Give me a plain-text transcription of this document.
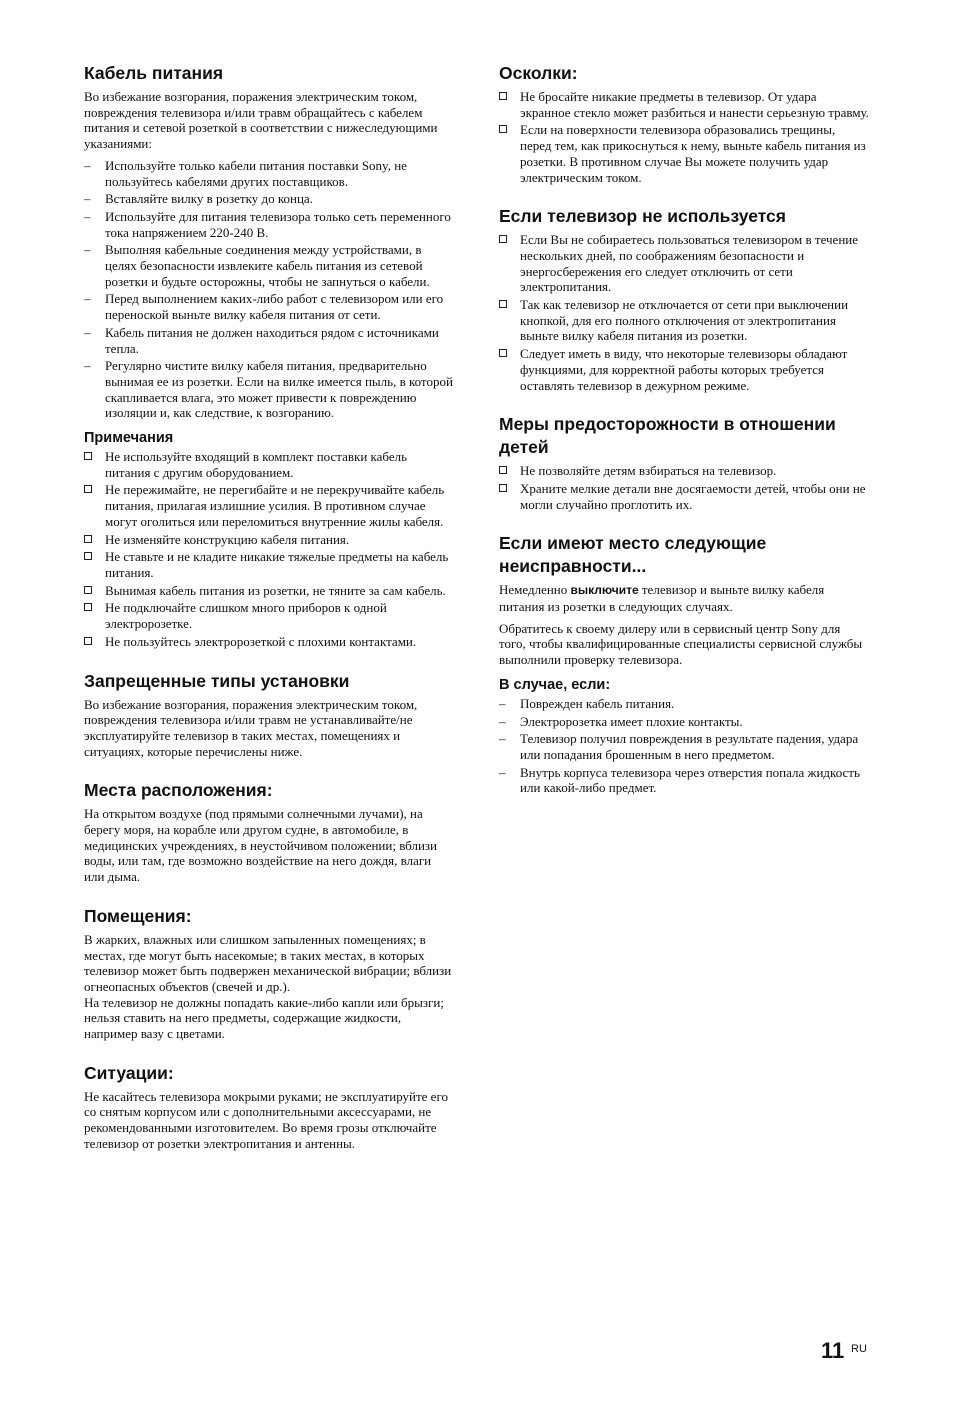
Кабель питания

Во избежание возгорания, поражения электрическим током, повреждения телевизора и/или травм обращайтесь с кабелем питания и сетевой розеткой в соответствии с нижеследующими указаниями:

–	Используйте только кабели питания поставки Sony, не пользуйтесь кабелями других поставщиков.
–	Вставляйте вилку в розетку до конца.
–	Используйте для питания телевизора только сеть переменного тока напряжением 220-240 В.
–	Выполняя кабельные соединения между устройствами, в целях безопасности извлеките кабель питания из сетевой розетки и будьте осторожны, чтобы не запнуться о кабели.
–	Перед выполнением каких-либо работ с телевизором или его переноской выньте вилку кабеля питания от сети.
–	Кабель питания не должен находиться рядом с источниками тепла.
–	Регулярно чистите вилку кабеля питания, предварительно вынимая ее из розетки. Если на вилке имеется пыль, в которой скапливается влага, это может привести к повреждению изоляции и, как следствие, к возгоранию.
Примечания
Не используйте входящий в комплект поставки кабель питания с другим оборудованием.
Не пережимайте, не перегибайте и не перекручивайте кабель питания, прилагая излишние усилия. В противном случае могут оголиться или переломиться внутренние жилы кабеля.
Не изменяйте конструкцию кабеля питания.
Не ставьте и не кладите никакие тяжелые предметы на кабель питания.
Вынимая кабель питания из розетки, не тяните за сам кабель.
Не подключайте слишком много приборов к одной электророзетке.
Не пользуйтесь электророзеткой с плохими контактами.
Запрещенные типы установки

Во избежание возгорания, поражения электрическим током, повреждения телевизора и/или травм не устанавливайте/не эксплуатируйте телевизор в таких местах, помещениях и ситуациях, которые перечислены ниже.

Места расположения:

На открытом воздухе (под прямыми солнечными лучами), на берегу моря, на корабле или другом судне, в автомобиле, в медицинских учреждениях, в неустойчивом положении; вблизи воды, или там, где возможно воздействие на него дождя, влаги или дыма.

Помещения:

В жарких, влажных или слишком запыленных помещениях; в местах, где могут быть насекомые; в таких местах, в которых телевизор может быть подвержен механической вибрации; вблизи огнеопасных объектов (свечей и др.).

На телевизор не должны попадать какие-либо капли или брызги; нельзя ставить на него предметы, содержащие жидкости, например вазу с цветами.

Ситуации:

Не касайтесь телевизора мокрыми руками; не эксплуатируйте его со снятым корпусом или с дополнительными аксессуарами, не рекомендованными изготовителем. Во время грозы отключайте телевизор от розетки электропитания и антенны.

Осколки:
Не бросайте никакие предметы в телевизор. От удара экранное стекло может разбиться и нанести серьезную травму.
Если на поверхности телевизора образовались трещины, перед тем, как прикоснуться к нему, выньте кабель питания из розетки. В противном случае Вы можете получить удар электрическим током.
Если телевизор не используется
Если Вы не собираетесь пользоваться телевизором в течение нескольких дней, по соображениям безопасности и энергосбережения его следует отключить от сети электропитания.
Так как телевизор не отключается от сети при выключении кнопкой, для его полного отключения от электропитания выньте вилку кабеля питания из розетки.
Следует иметь в виду, что некоторые телевизоры обладают функциями, для корректной работы которых требуется оставлять телевизор в дежурном режиме.
Меры предосторожности в отношении детей
Не позволяйте детям взбираться на телевизор.
Храните мелкие детали вне досягаемости детей, чтобы они не могли случайно проглотить их.
Если имеют место следующие неисправности...

Немедленно выключите телевизор и выньте вилку кабеля питания из розетки в следующих случаях.

Обратитесь к своему дилеру или в сервисный центр Sony для того, чтобы квалифицированные специалисты сервисной службы выполнили проверку телевизора.

В случае, если:
–	Поврежден кабель питания.
–	Электророзетка имеет плохие контакты.
–	Телевизор получил повреждения в результате падения, удара или попадания брошенным в него предметом.
–	Внутрь корпуса телевизора через отверстия попала жидкость или какой-либо предмет.
11 RU
